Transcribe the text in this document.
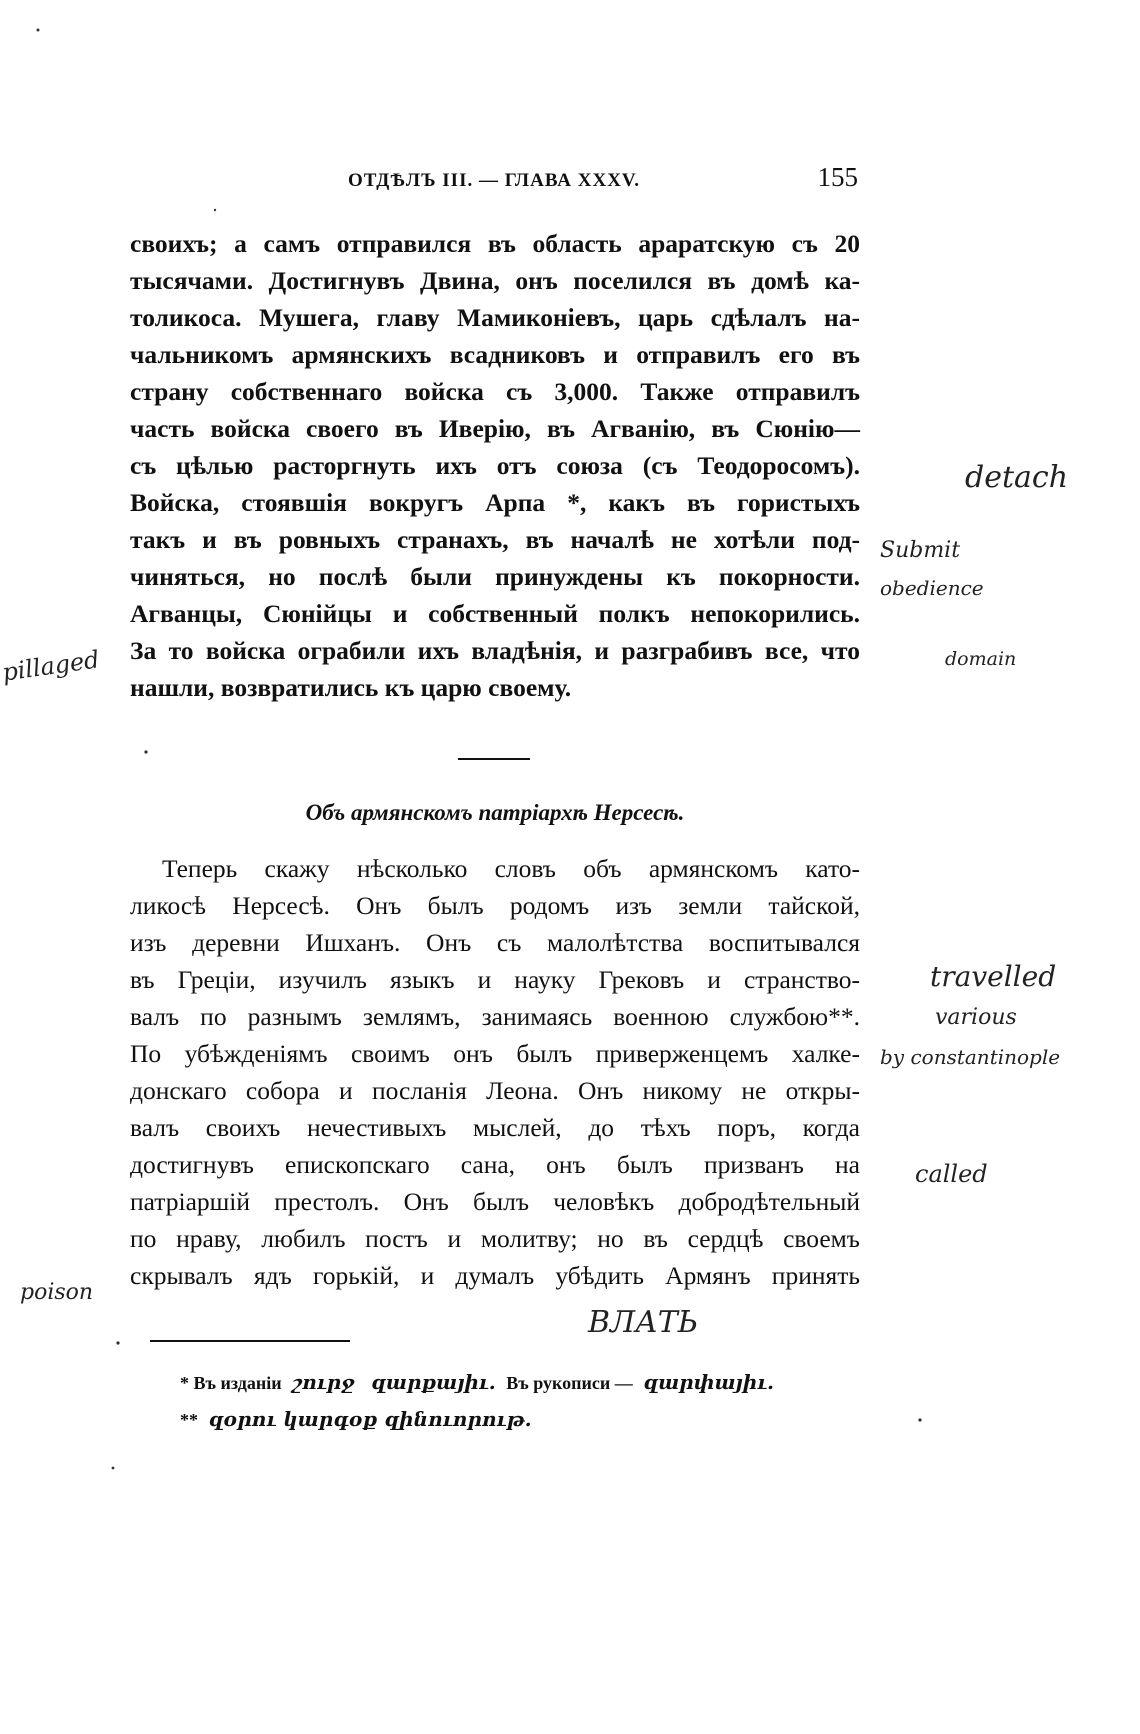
ОТДѢЛЪ III. — ГЛАВА XXXV.	155
своихъ; а самъ отправился въ область араратскую съ 20
тысячами. Достигнувъ Двина, онъ поселился въ домѣ ка-
толикоса. Мушега, главу Мамиконіевъ, царь сдѣлалъ на-
чальникомъ армянскихъ всадниковъ и отправилъ его въ
страну собственнаго войска съ 3,000. Также отправилъ
часть войска своего въ Иверію, въ Агванію, въ Сюнію—
съ цѣлью расторгнуть ихъ отъ союза (съ Теодоросомъ).
Войска, стоявшія вокругъ Арпа *, какъ въ гористыхъ
такъ и въ ровныхъ странахъ, въ началѣ не хотѣли под-
чиняться, но послѣ были принуждены къ покорности.
Агванцы, Сюнійцы и собственный полкъ непокорились.
За то войска ограбили ихъ владѣнія, и разграбивъ все, что
нашли, возвратились къ царю своему.
Объ армянскомъ патріархѣ Нерсесѣ.
Теперь скажу нѣсколько словъ объ армянскомъ като-
ликосѣ Нерсесѣ. Онъ былъ родомъ изъ земли тайской,
изъ деревни Ишханъ. Онъ съ малолѣтства воспитывался
въ Греціи, изучилъ языкъ и науку Грековъ и странство-
валъ по разнымъ землямъ, занимаясь военною службою**.
По убѣжденіямъ своимъ онъ былъ приверженцемъ халке-
донскаго собора и посланія Леона. Онъ никому не откры-
валъ своихъ нечестивыхъ мыслей, до тѣхъ поръ, когда
достигнувъ епископскаго сана, онъ былъ призванъ на
патріаршій престолъ. Онъ былъ человѣкъ добродѣтельный
по нраву, любилъ постъ и молитву; но въ сердцѣ своемъ
скрывалъ ядъ горькій, и думалъ убѣдить Армянъ принять
* Въ изданіи շուրջ զարքայիւ. Въ рукописи — զարփայիւ.
** զօրու կարգօք զինուորութ.
detach
Submit
obedience
domain
pillaged
travelled
various
by constantinople
called
poison
ВЛАТЬ
